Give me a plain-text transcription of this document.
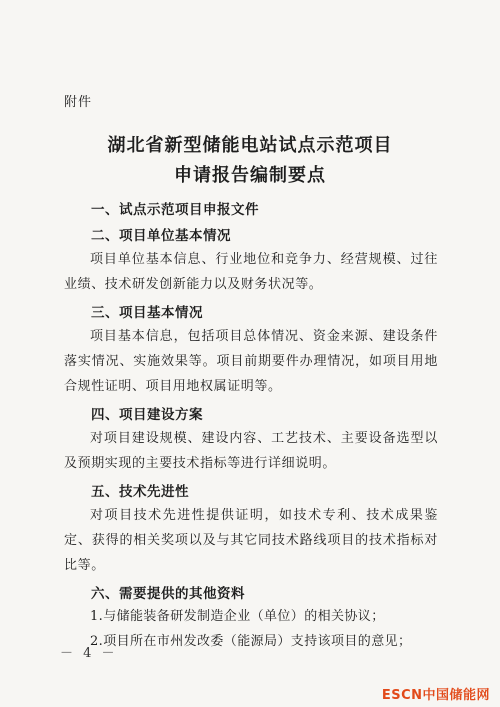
附件
湖北省新型储能电站试点示范项目
申请报告编制要点
一、试点示范项目申报文件
二、项目单位基本情况
项目单位基本信息、行业地位和竞争力、经营规模、过往业绩、技术研发创新能力以及财务状况等。
三、项目基本情况
项目基本信息，包括项目总体情况、资金来源、建设条件落实情况、实施效果等。项目前期要件办理情况，如项目用地合规性证明、项目用地权属证明等。
四、项目建设方案
对项目建设规模、建设内容、工艺技术、主要设备选型以及预期实现的主要技术指标等进行详细说明。
五、技术先进性
对项目技术先进性提供证明，如技术专利、技术成果鉴定、获得的相关奖项以及与其它同技术路线项目的技术指标对比等。
六、需要提供的其他资料
1.与储能装备研发制造企业（单位）的相关协议；
2.项目所在市州发改委（能源局）支持该项目的意见；
－ 4 －
ESCN中国储能网
